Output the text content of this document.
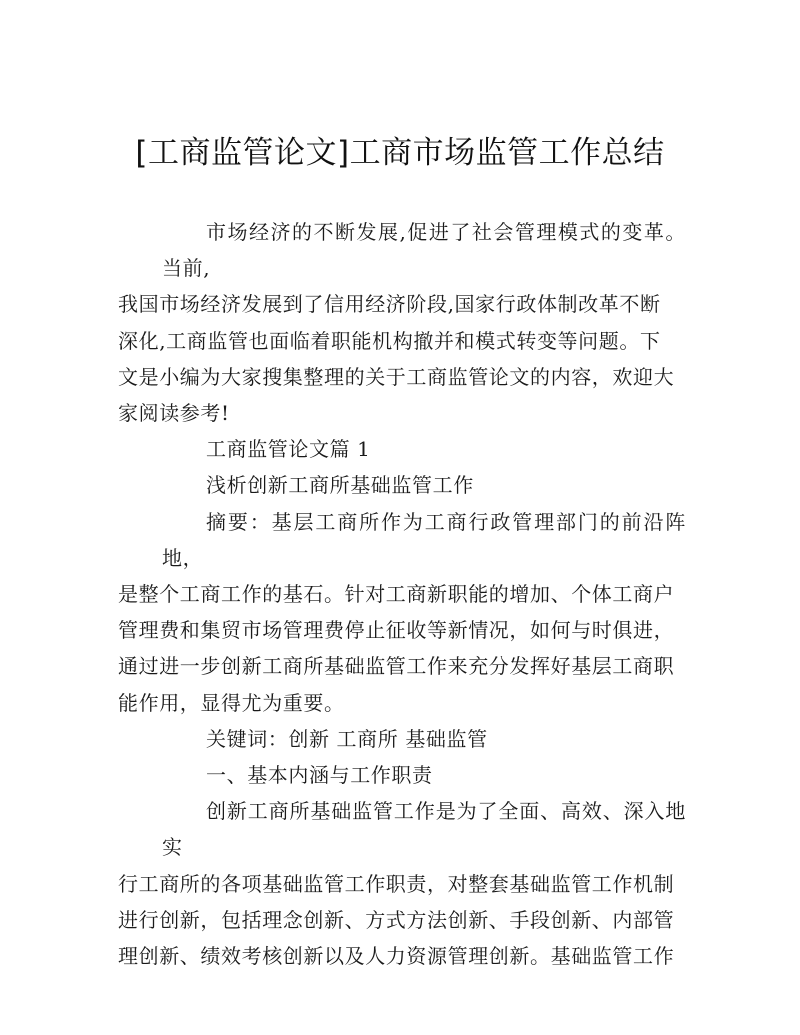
[工商监管论文]工商市场监管工作总结
市场经济的不断发展,促进了社会管理模式的变革。当前,
我国市场经济发展到了信用经济阶段,国家行政体制改革不断
深化,工商监管也面临着职能机构撤并和模式转变等问题。下
文是小编为大家搜集整理的关于工商监管论文的内容，欢迎大
家阅读参考!
工商监管论文篇 1
浅析创新工商所基础监管工作
摘要：基层工商所作为工商行政管理部门的前沿阵地，
是整个工商工作的基石。针对工商新职能的增加、个体工商户
管理费和集贸市场管理费停止征收等新情况，如何与时俱进，
通过进一步创新工商所基础监管工作来充分发挥好基层工商职
能作用，显得尤为重要。
关键词：创新 工商所 基础监管
一、基本内涵与工作职责
创新工商所基础监管工作是为了全面、高效、深入地实
行工商所的各项基础监管工作职责，对整套基础监管工作机制
进行创新，包括理念创新、方式方法创新、手段创新、内部管
理创新、绩效考核创新以及人力资源管理创新。基础监管工作
